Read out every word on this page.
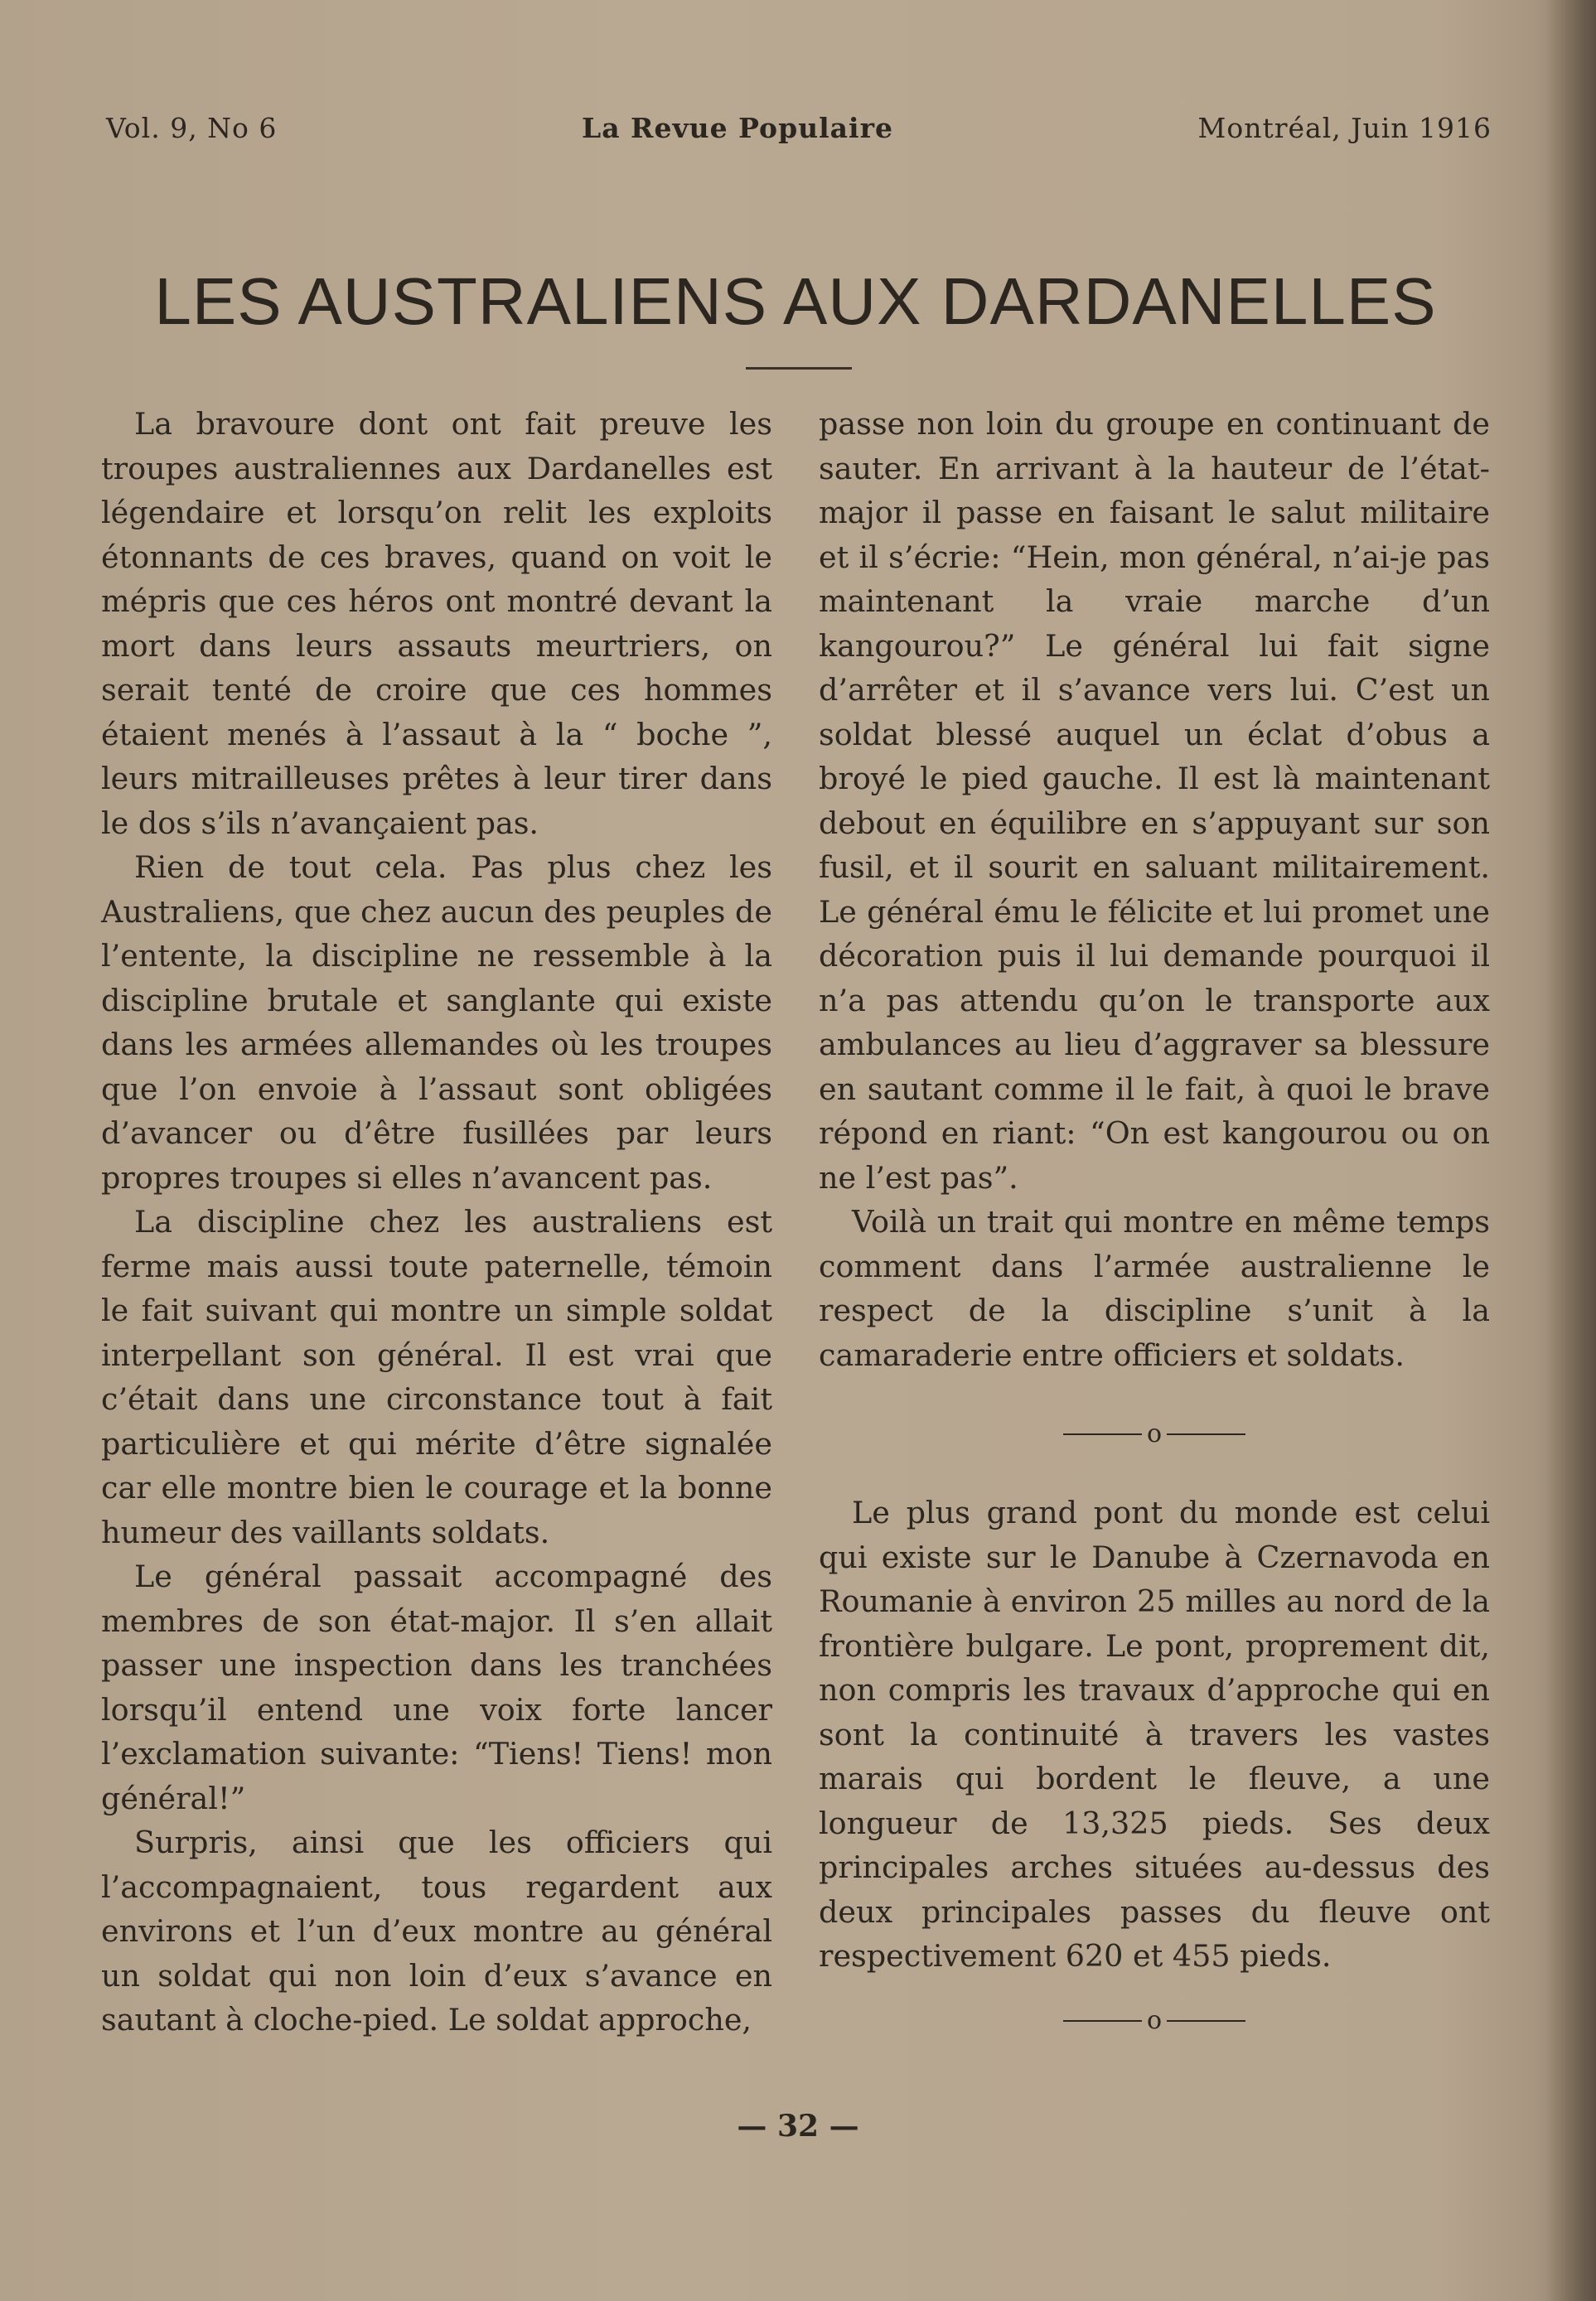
Vol. 9, No 6	La Revue Populaire	Montréal, Juin 1916
LES AUSTRALIENS AUX DARDANELLES

La bravoure dont ont fait preuve les troupes australiennes aux Dardanelles est légendaire et lorsqu’on relit les exploits étonnants de ces braves, quand on voit le mépris que ces héros ont montré devant la mort dans leurs assauts meurtriers, on serait tenté de croire que ces hommes étaient menés à l’assaut à la “ boche ”, leurs mitrailleuses prêtes à leur tirer dans le dos s’ils n’avançaient pas.

Rien de tout cela. Pas plus chez les Australiens, que chez aucun des peuples de l’entente, la discipline ne ressemble à la discipline brutale et sanglante qui existe dans les armées allemandes où les troupes que l’on envoie à l’assaut sont obligées d’avancer ou d’être fusillées par leurs propres troupes si elles n’avancent pas.

La discipline chez les australiens est ferme mais aussi toute paternelle, témoin le fait suivant qui montre un simple soldat interpellant son général. Il est vrai que c’était dans une circonstance tout à fait particulière et qui mérite d’être signalée car elle montre bien le courage et la bonne humeur des vaillants soldats.

Le général passait accompagné des membres de son état-major. Il s’en allait passer une inspection dans les tranchées lorsqu’il entend une voix forte lancer l’exclamation suivante: “Tiens! Tiens! mon général!”

Surpris, ainsi que les officiers qui l’accompagnaient, tous regardent aux environs et l’un d’eux montre au général un soldat qui non loin d’eux s’avance en sautant à cloche-pied. Le soldat approche,

passe non loin du groupe en continuant de sauter. En arrivant à la hauteur de l’état-major il passe en faisant le salut militaire et il s’écrie: “Hein, mon général, n’ai-je pas maintenant la vraie marche d’un kangourou?” Le général lui fait signe d’arrêter et il s’avance vers lui. C’est un soldat blessé auquel un éclat d’obus a broyé le pied gauche. Il est là maintenant debout en équilibre en s’appuyant sur son fusil, et il sourit en saluant militairement. Le général ému le félicite et lui promet une décoration puis il lui demande pourquoi il n’a pas attendu qu’on le transporte aux ambulances au lieu d’aggraver sa blessure en sautant comme il le fait, à quoi le brave répond en riant: “On est kangourou ou on ne l’est pas”.

Voilà un trait qui montre en même temps comment dans l’armée australienne le respect de la discipline s’unit à la camaraderie entre officiers et soldats.

o

Le plus grand pont du monde est celui qui existe sur le Danube à Czernavoda en Roumanie à environ 25 milles au nord de la frontière bulgare. Le pont, proprement dit, non compris les travaux d’approche qui en sont la continuité à travers les vastes marais qui bordent le fleuve, a une longueur de 13,325 pieds. Ses deux principales arches situées au-dessus des deux principales passes du fleuve ont respectivement 620 et 455 pieds.

o
— 32 —
